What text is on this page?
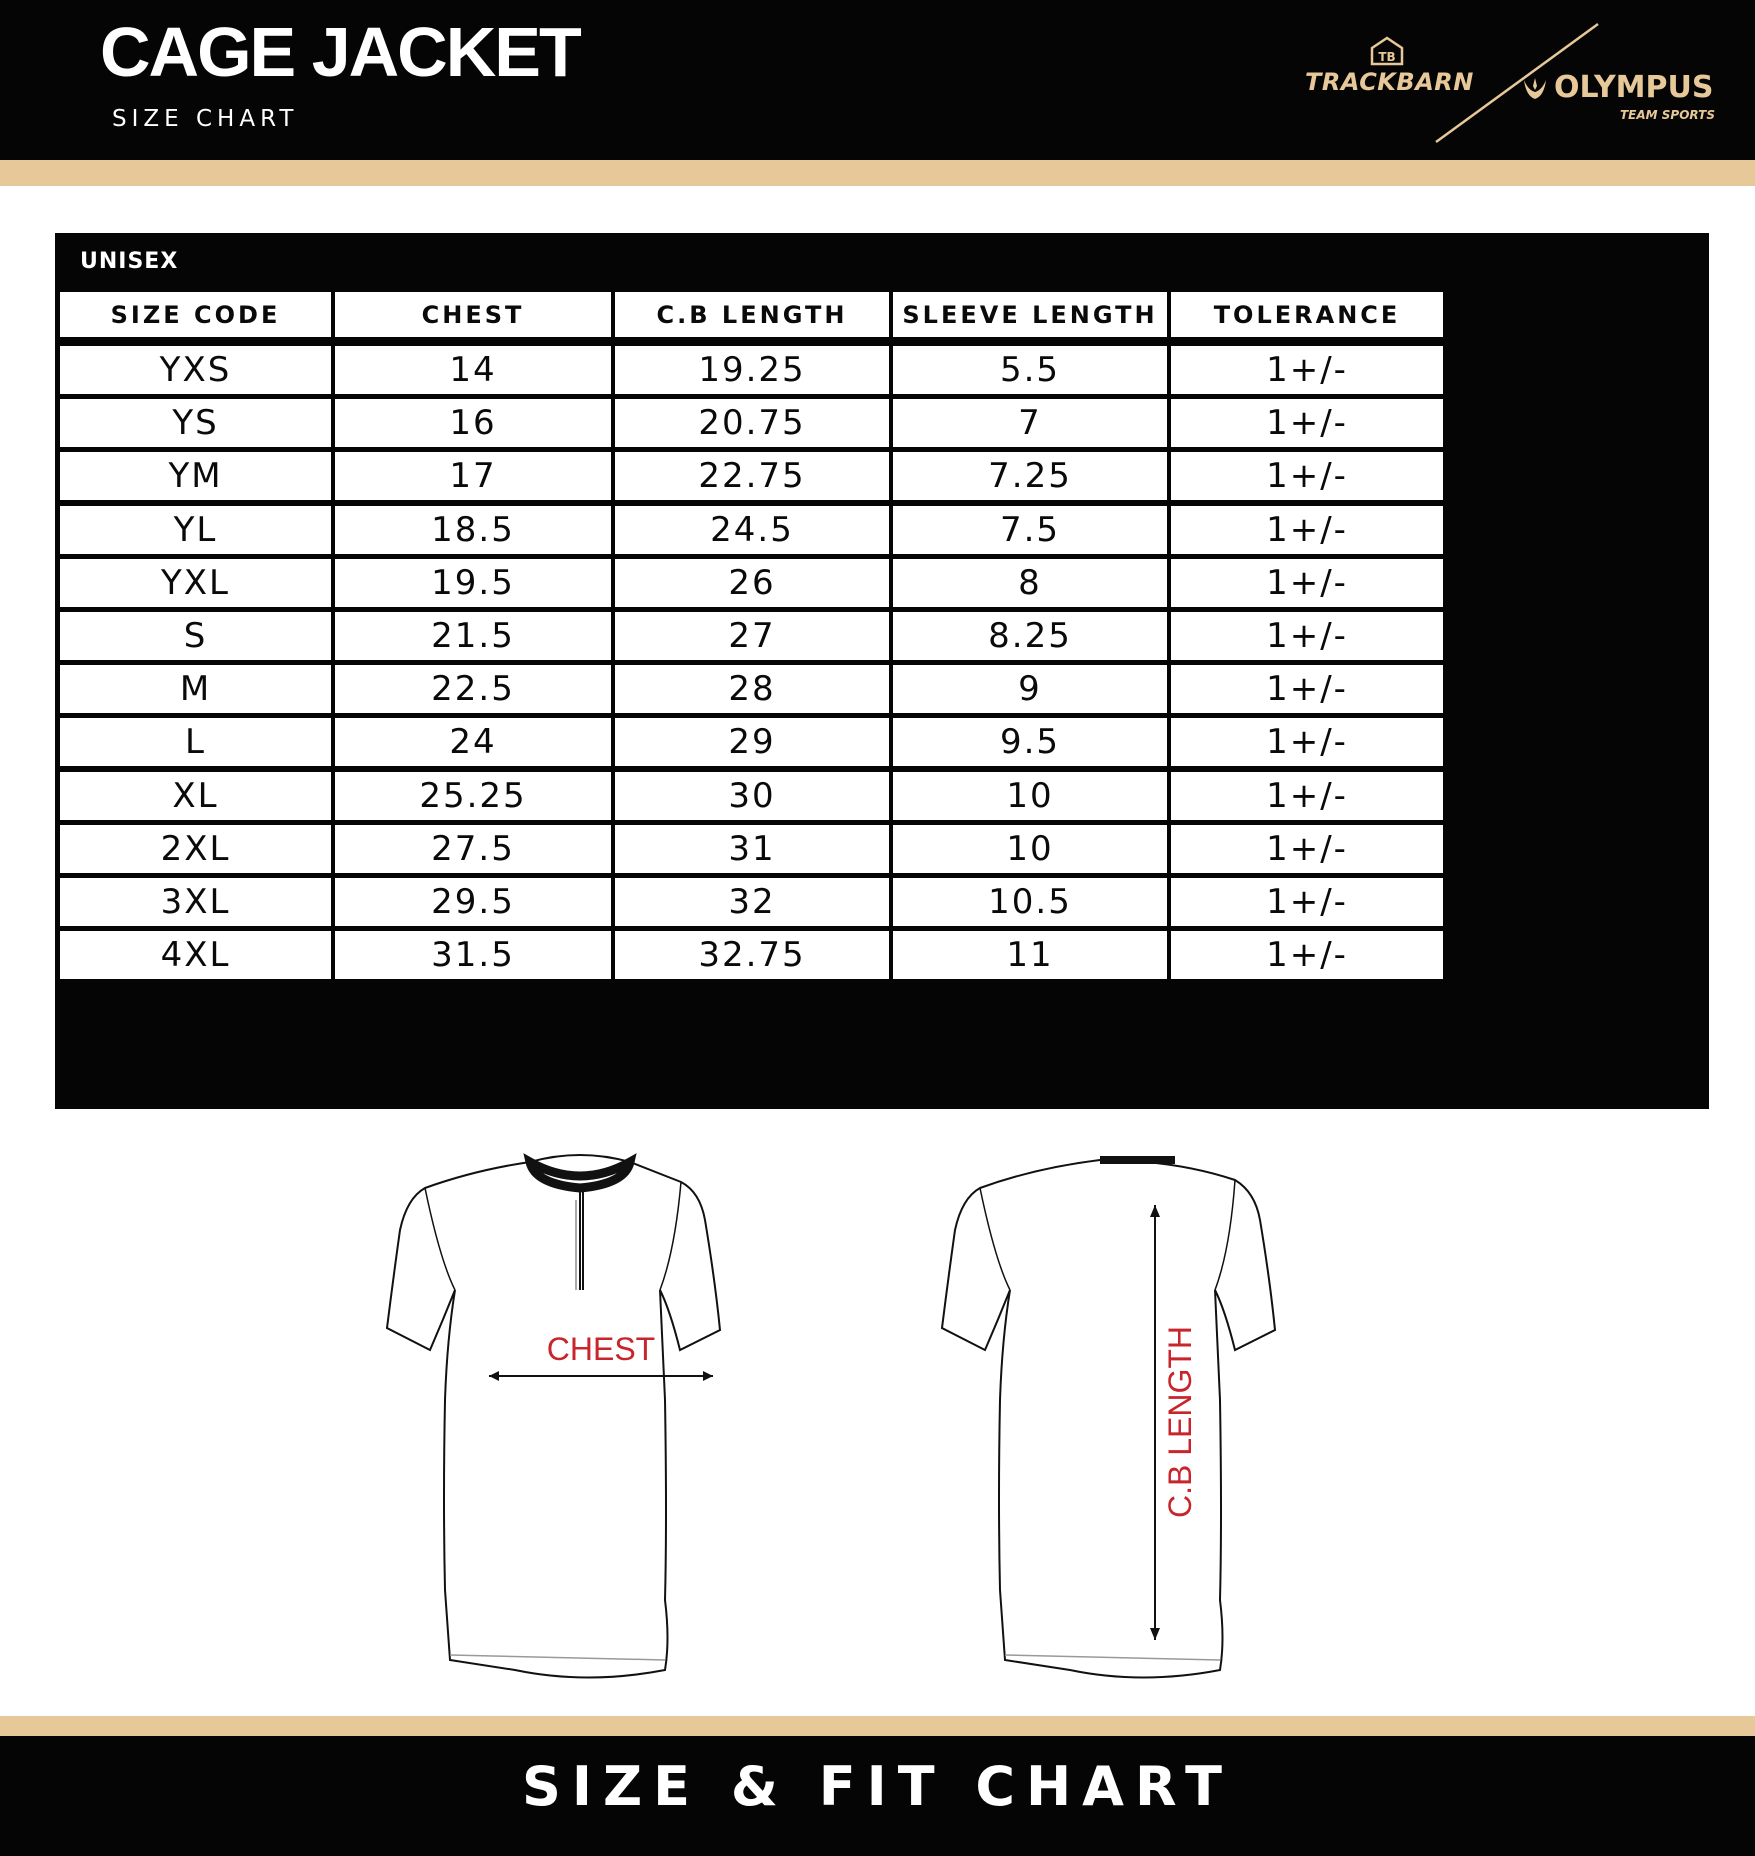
CAGE JACKET
SIZE CHART
TB
TRACKBARN	OLYMPUS
TEAM SPORTS
UNISEX
SIZE CODE	CHEST	C.B LENGTH	SLEEVE LENGTH	TOLERANCE
YXS	14	19.25	5.5	1+/-
YS	16	20.75	7	1+/-
YM	17	22.75	7.25	1+/-
YL	18.5	24.5	7.5	1+/-
YXL	19.5	26	8	1+/-
S	21.5	27	8.25	1+/-
M	22.5	28	9	1+/-
L	24	29	9.5	1+/-
XL	25.25	30	10	1+/-
2XL	27.5	31	10	1+/-
3XL	29.5	32	10.5	1+/-
4XL	31.5	32.75	11	1+/-
CHEST	C.B LENGTH
SIZE & FIT CHART
